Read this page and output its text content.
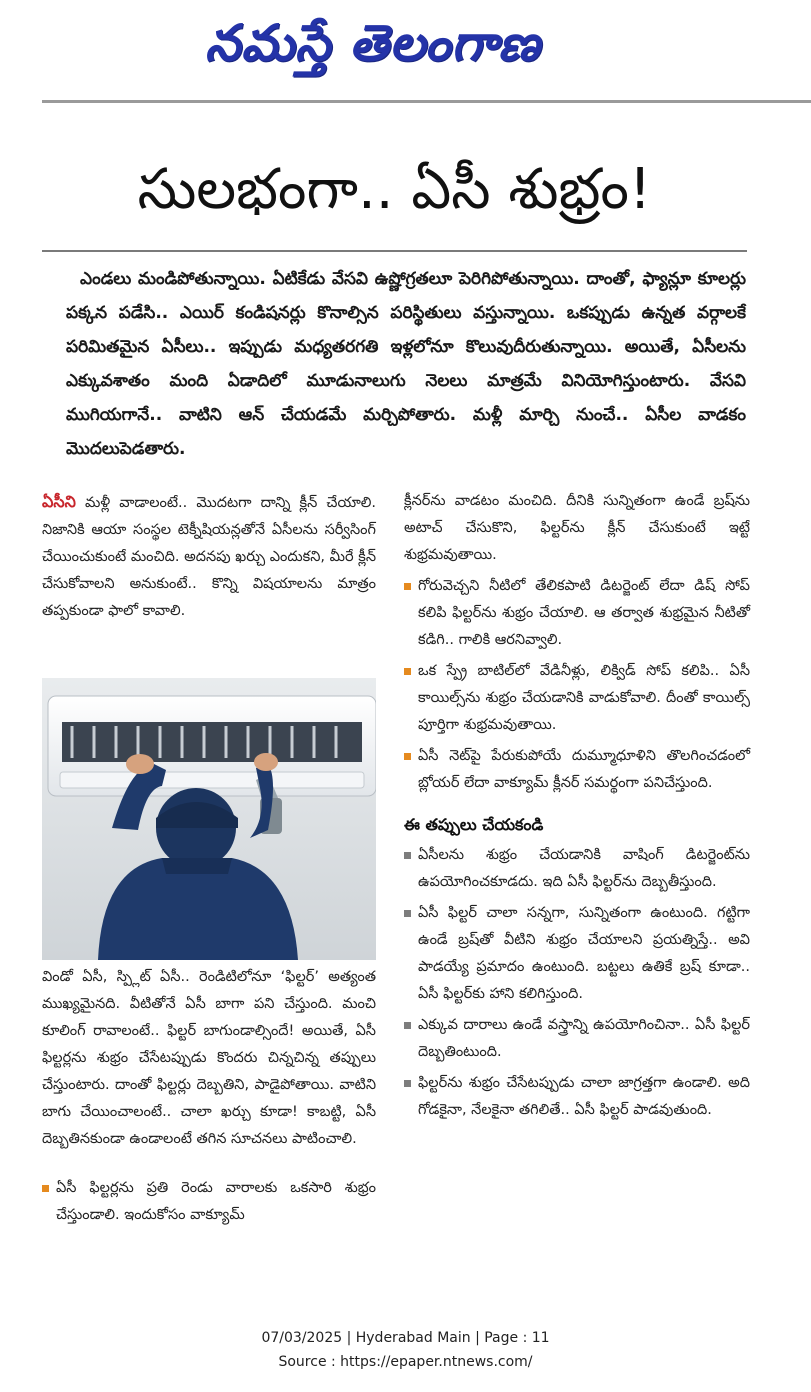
నమస్తే తెలంగాణ
సులభంగా.. ఏసీ శుభ్రం!

ఎండలు మండిపోతున్నాయి. ఏటికేడు వేసవి ఉష్ణోగ్రతలూ పెరిగిపోతున్నాయి. దాంతో, ఫ్యాన్లూ కూలర్లు పక్కన పడేసి.. ఎయిర్ కండిషనర్లు కొనాల్సిన పరిస్థితులు వస్తున్నాయి. ఒకప్పుడు ఉన్నత వర్గాలకే పరిమితమైన ఏసీలు.. ఇప్పుడు మధ్యతరగతి ఇళ్లలోనూ కొలువుదీరుతున్నాయి. అయితే, ఏసీలను ఎక్కువశాతం మంది ఏడాదిలో మూడునాలుగు నెలలు మాత్రమే వినియోగిస్తుంటారు. వేసవి ముగియగానే.. వాటిని ఆన్ చేయడమే మర్చిపోతారు. మళ్లీ మార్చి నుంచే.. ఏసీల వాడకం మొదలుపెడతారు.

ఏసీని మళ్లీ వాడాలంటే.. మొదటగా దాన్ని క్లీన్ చేయాలి. నిజానికి ఆయా సంస్థల టెక్నీషియన్లతోనే ఏసీలను సర్వీసింగ్ చేయించుకుంటే మంచిది. అదనపు ఖర్చు ఎందుకని, మీరే క్లీన్ చేసుకోవాలని అనుకుంటే.. కొన్ని విషయాలను మాత్రం తప్పకుండా ఫాలో కావాలి.

విండో ఏసీ, స్ప్లిట్ ఏసీ.. రెండిటిలోనూ ‘ఫిల్టర్’ అత్యంత ముఖ్యమైనది. వీటితోనే ఏసీ బాగా పని చేస్తుంది. మంచి కూలింగ్ రావాలంటే.. ఫిల్టర్ బాగుండాల్సిందే! అయితే, ఏసీ ఫిల్టర్లను శుభ్రం చేసేటప్పుడు కొందరు చిన్నచిన్న తప్పులు చేస్తుంటారు. దాంతో ఫిల్టర్లు దెబ్బతిని, పాడైపోతాయి. వాటిని బాగు చేయించాలంటే.. చాలా ఖర్చు కూడా! కాబట్టి, ఏసీ దెబ్బతినకుండా ఉండాలంటే తగిన సూచనలు పాటించాలి.

ఏసీ ఫిల్టర్లను ప్రతి రెండు వారాలకు ఒకసారి శుభ్రం చేస్తుండాలి. ఇందుకోసం వాక్యూమ్

క్లీనర్‌ను వాడటం మంచిది. దీనికి సున్నితంగా ఉండే బ్రష్‌ను అటాచ్ చేసుకొని, ఫిల్టర్‌ను క్లీన్ చేసుకుంటే ఇట్టే శుభ్రమవుతాయి.

గోరువెచ్చని నీటిలో తేలికపాటి డిటర్జెంట్ లేదా డిష్ సోప్ కలిపి ఫిల్టర్‌ను శుభ్రం చేయాలి. ఆ తర్వాత శుభ్రమైన నీటితో కడిగి.. గాలికి ఆరనివ్వాలి.
ఒక స్ప్రే బాటిల్‌లో వేడినీళ్లు, లిక్విడ్ సోప్ కలిపి.. ఏసీ కాయిల్స్‌ను శుభ్రం చేయడానికి వాడుకోవాలి. దీంతో కాయిల్స్ పూర్తిగా శుభ్రమవుతాయి.
ఏసీ నెట్‌పై పేరుకుపోయే దుమ్మూధూళిని తొలగించడంలో బ్లోయర్ లేదా వాక్యూమ్ క్లీనర్ సమర్థంగా పనిచేస్తుంది.
ఈ తప్పులు చేయకండి
ఏసీలను శుభ్రం చేయడానికి వాషింగ్ డిటర్జెంట్‌ను ఉపయోగించకూడదు. ఇది ఏసీ ఫిల్టర్‌ను దెబ్బతీస్తుంది.
ఏసీ ఫిల్టర్ చాలా సన్నగా, సున్నితంగా ఉంటుంది. గట్టిగా ఉండే బ్రష్‌తో వీటిని శుభ్రం చేయాలని ప్రయత్నిస్తే.. అవి పాడయ్యే ప్రమాదం ఉంటుంది. బట్టలు ఉతికే బ్రష్ కూడా.. ఏసీ ఫిల్టర్‌కు హాని కలిగిస్తుంది.
ఎక్కువ దారాలు ఉండే వస్త్రాన్ని ఉపయోగించినా.. ఏసీ ఫిల్టర్ దెబ్బతింటుంది.
ఫిల్టర్‌ను శుభ్రం చేసేటప్పుడు చాలా జాగ్రత్తగా ఉండాలి. అది గోడకైనా, నేలకైనా తగిలితే.. ఏసీ ఫిల్టర్ పాడవుతుంది.
07/03/2025 | Hyderabad Main | Page : 11
Source : https://epaper.ntnews.com/
